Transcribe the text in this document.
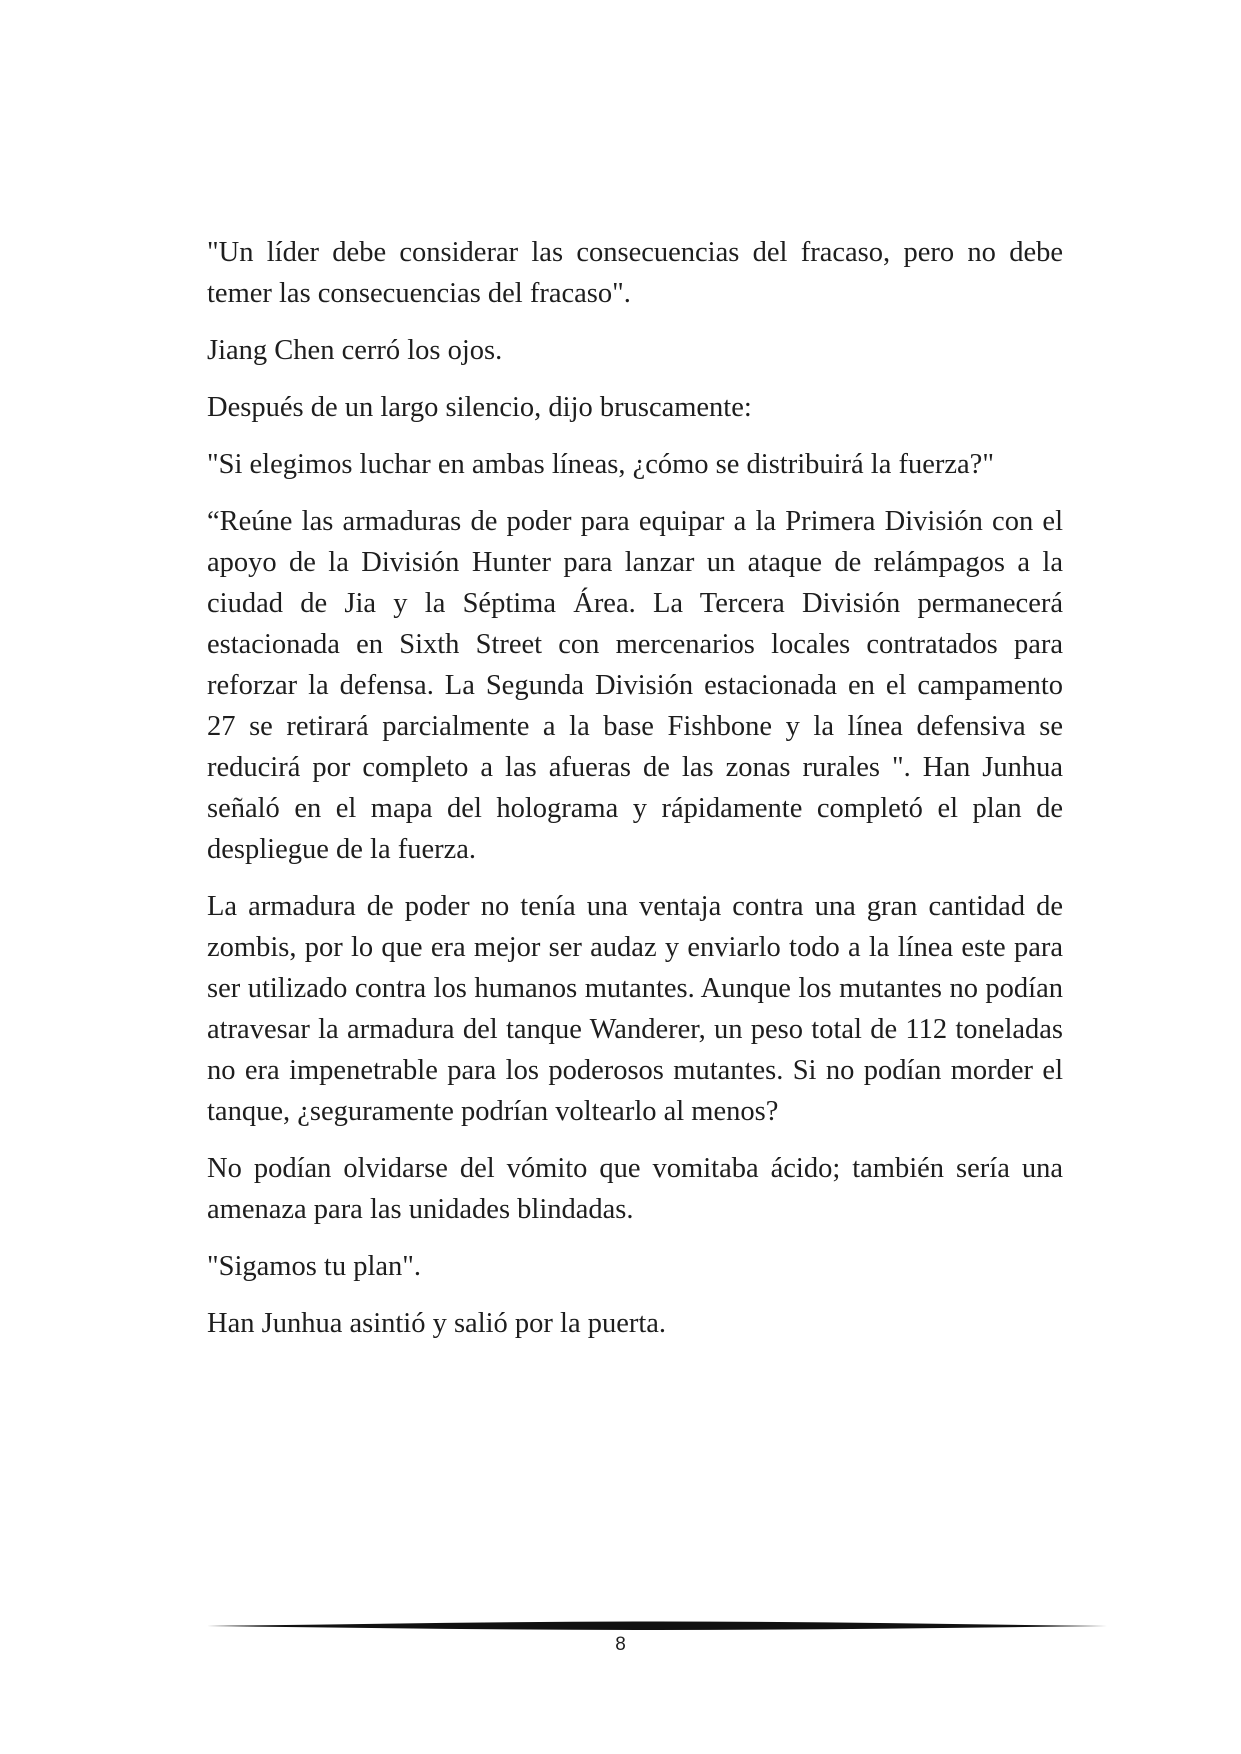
"Un líder debe considerar las consecuencias del fracaso, pero no debe temer las consecuencias del fracaso".

Jiang Chen cerró los ojos.

Después de un largo silencio, dijo bruscamente:

"Si elegimos luchar en ambas líneas, ¿cómo se distribuirá la fuerza?"

“Reúne las armaduras de poder para equipar a la Primera División con el apoyo de la División Hunter para lanzar un ataque de relámpagos a la ciudad de Jia y la Séptima Área. La Tercera División permanecerá estacionada en Sixth Street con mercenarios locales contratados para reforzar la defensa. La Segunda División estacionada en el campamento 27 se retirará parcialmente a la base Fishbone y la línea defensiva se reducirá por completo a las afueras de las zonas rurales ". Han Junhua señaló en el mapa del holograma y rápidamente completó el plan de despliegue de la fuerza.

La armadura de poder no tenía una ventaja contra una gran cantidad de zombis, por lo que era mejor ser audaz y enviarlo todo a la línea este para ser utilizado contra los humanos mutantes. Aunque los mutantes no podían atravesar la armadura del tanque Wanderer, un peso total de 112 toneladas no era impenetrable para los poderosos mutantes. Si no podían morder el tanque, ¿seguramente podrían voltearlo al menos?

No podían olvidarse del vómito que vomitaba ácido; también sería una amenaza para las unidades blindadas.

"Sigamos tu plan".

Han Junhua asintió y salió por la puerta.

8
